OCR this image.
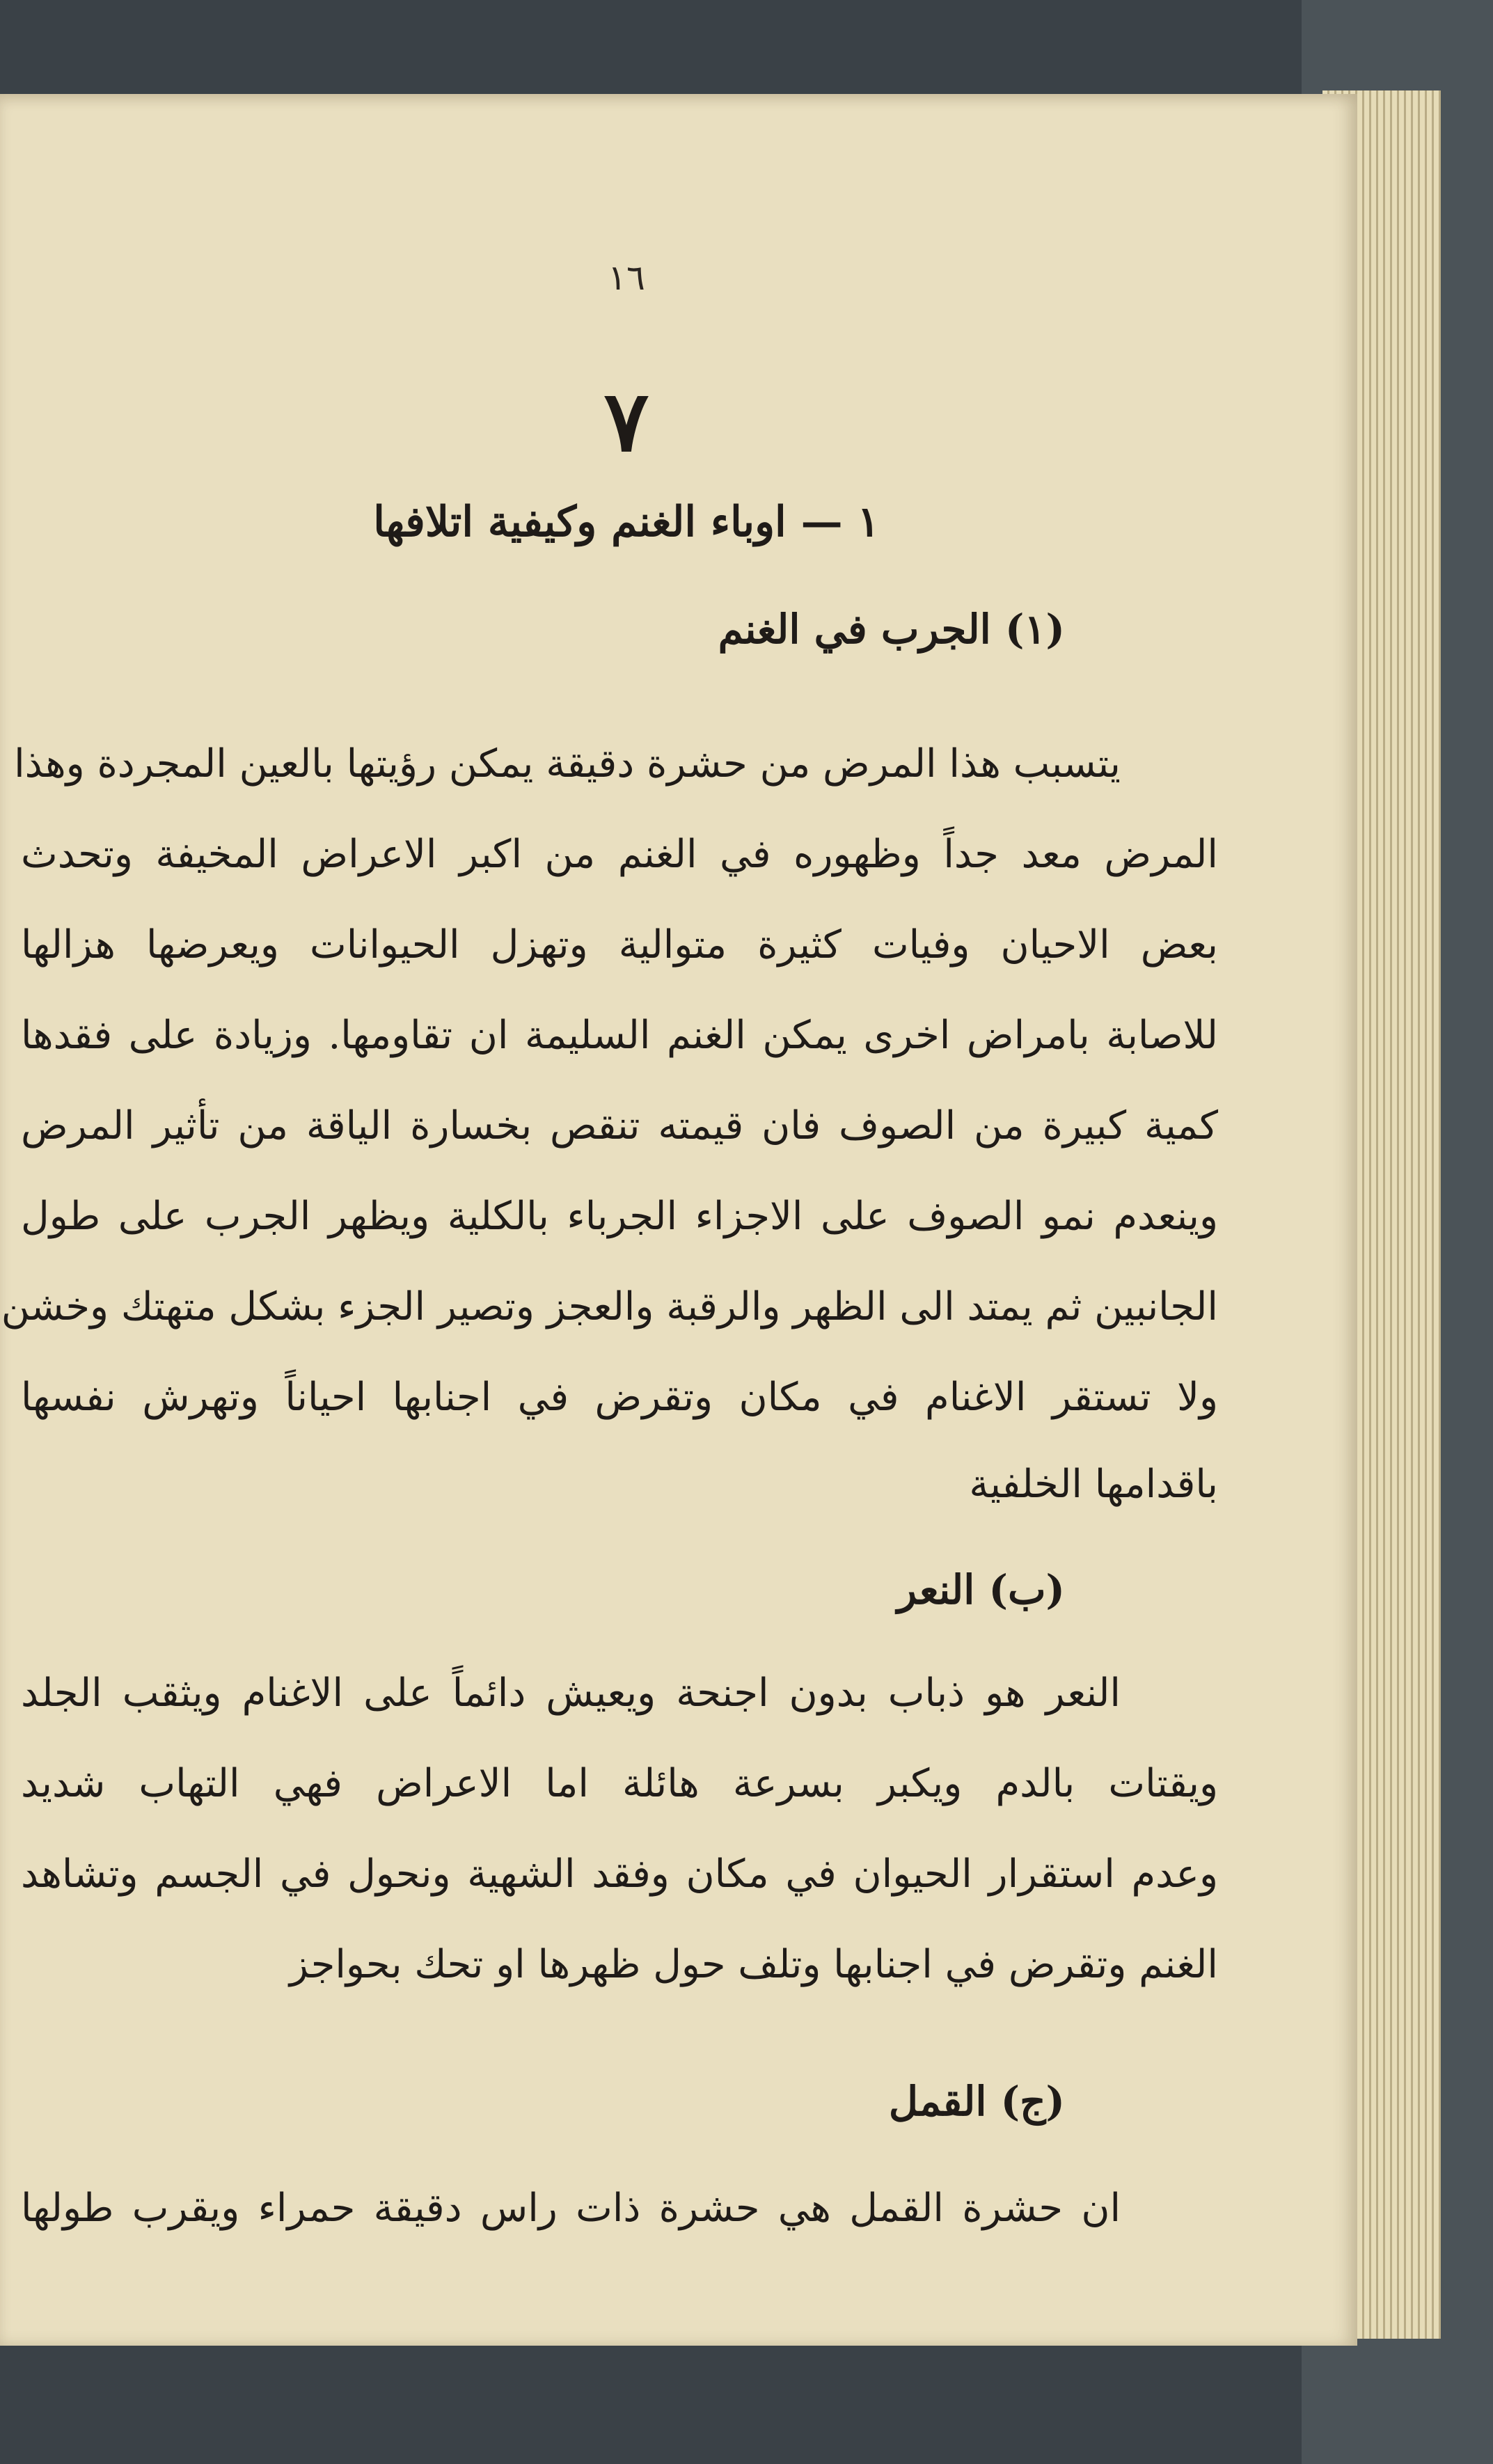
١٦
٧
١ — اوباء الغنم وكيفية اتلافها
(١) الجرب في الغنم
يتسبب هذا المرض من حشرة دقيقة يمكن رؤيتها بالعين المجردة وهذا
المرض معد جداً وظهوره في الغنم من اكبر الاعراض المخيفة وتحدث
بعض الاحيان وفيات كثيرة متوالية وتهزل الحيوانات ويعرضها هزالها
للاصابة بامراض اخرى يمكن الغنم السليمة ان تقاومها. وزيادة على فقدها
كمية كبيرة من الصوف فان قيمته تنقص بخسارة الياقة من تأثير المرض
وينعدم نمو الصوف على الاجزاء الجرباء بالكلية ويظهر الجرب على طول
الجانبين ثم يمتد الى الظهر والرقبة والعجز وتصير الجزء بشكل متهتك وخشن
ولا تستقر الاغنام في مكان وتقرض في اجنابها احياناً وتهرش نفسها
باقدامها الخلفية
(ب) النعر
النعر هو ذباب بدون اجنحة ويعيش دائماً على الاغنام ويثقب الجلد
ويقتات بالدم ويكبر بسرعة هائلة اما الاعراض فهي التهاب شديد
وعدم استقرار الحيوان في مكان وفقد الشهية ونحول في الجسم وتشاهد
الغنم وتقرض في اجنابها وتلف حول ظهرها او تحك بحواجز
(ج) القمل
ان حشرة القمل هي حشرة ذات راس دقيقة حمراء ويقرب طولها
